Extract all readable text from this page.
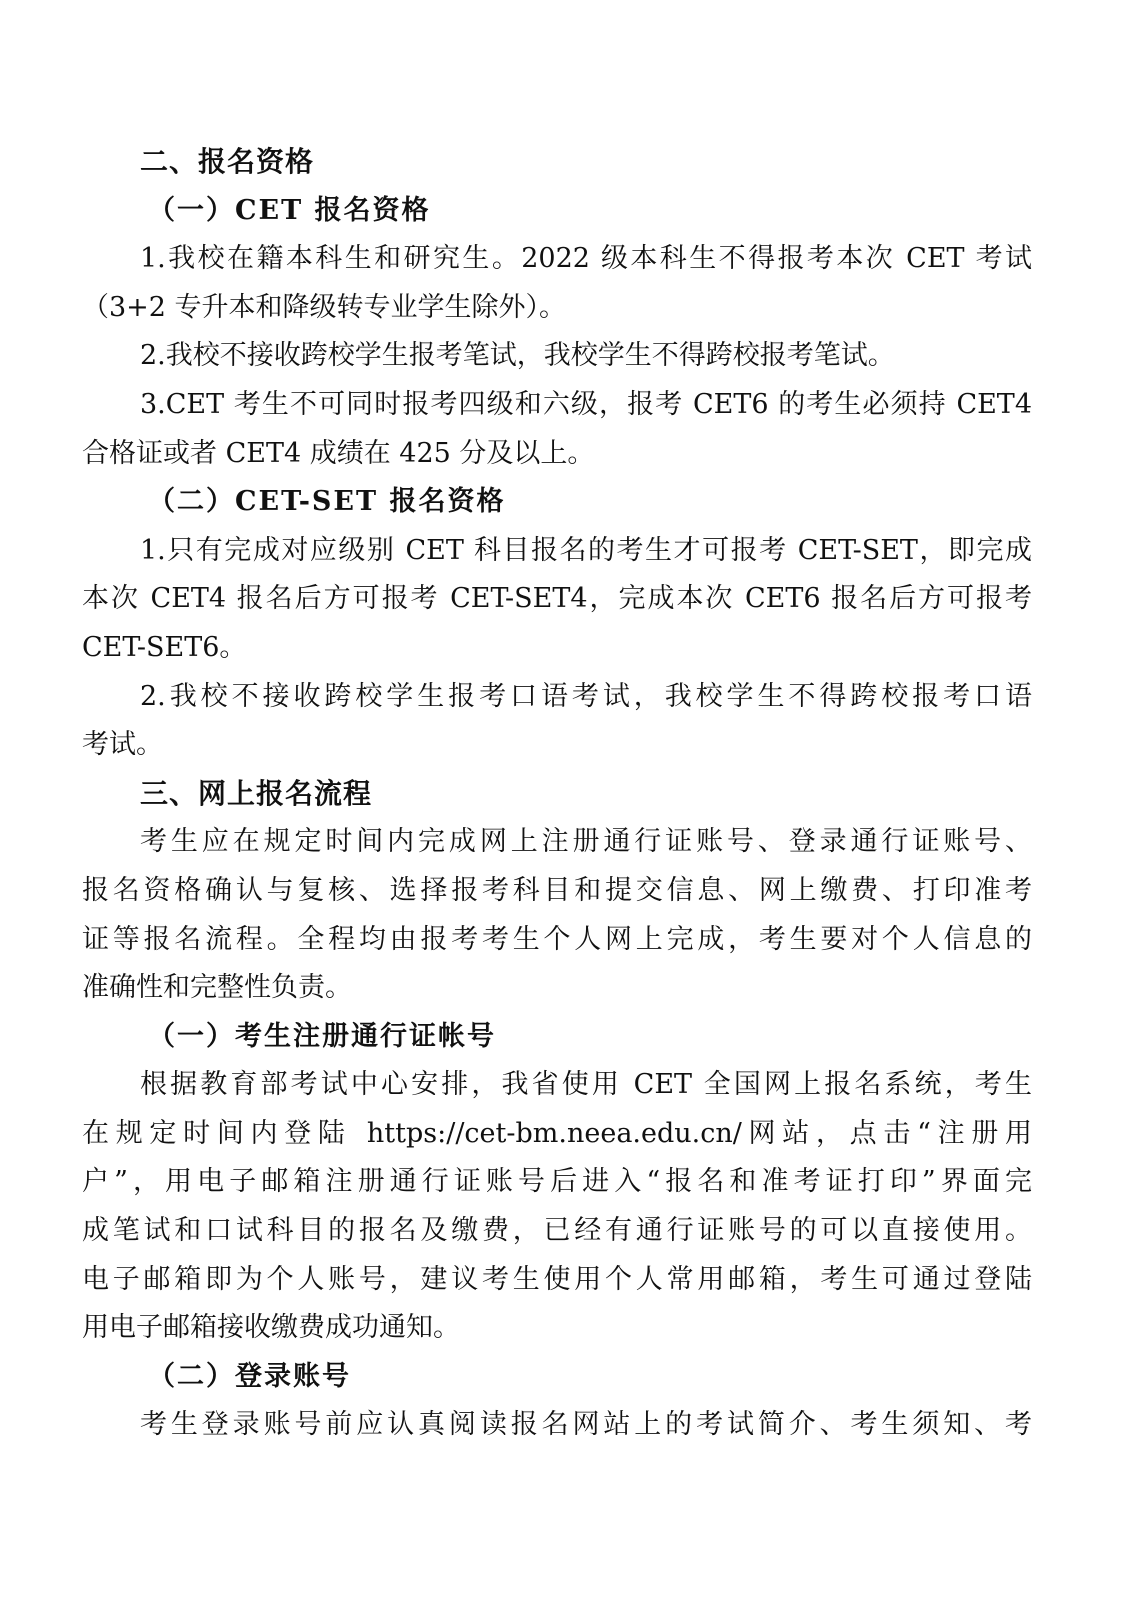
二、报名资格
（一）CET 报名资格
1.我校在籍本科生和研究生。2022 级本科生不得报考本次 CET 考试
（3+2 专升本和降级转专业学生除外）。
2.我校不接收跨校学生报考笔试，我校学生不得跨校报考笔试。
3.CET 考生不可同时报考四级和六级，报考 CET6 的考生必须持 CET4
合格证或者 CET4 成绩在 425 分及以上。
（二）CET-SET 报名资格
1.只有完成对应级别 CET 科目报名的考生才可报考 CET-SET，即完成
本次 CET4 报名后方可报考 CET-SET4，完成本次 CET6 报名后方可报考
CET-SET6。
2.我校不接收跨校学生报考口语考试，我校学生不得跨校报考口语
考试。
三、网上报名流程
考生应在规定时间内完成网上注册通行证账号、登录通行证账号、
报名资格确认与复核、选择报考科目和提交信息、网上缴费、打印准考
证等报名流程。全程均由报考考生个人网上完成，考生要对个人信息的
准确性和完整性负责。
（一）考生注册通行证帐号
根据教育部考试中心安排，我省使用 CET 全国网上报名系统，考生
在规定时间内登陆 https://cet-bm.neea.edu.cn/网站，点击“注册用
户”，用电子邮箱注册通行证账号后进入“报名和准考证打印”界面完
成笔试和口试科目的报名及缴费，已经有通行证账号的可以直接使用。
电子邮箱即为个人账号，建议考生使用个人常用邮箱，考生可通过登陆
用电子邮箱接收缴费成功通知。
（二）登录账号
考生登录账号前应认真阅读报名网站上的考试简介、考生须知、考
